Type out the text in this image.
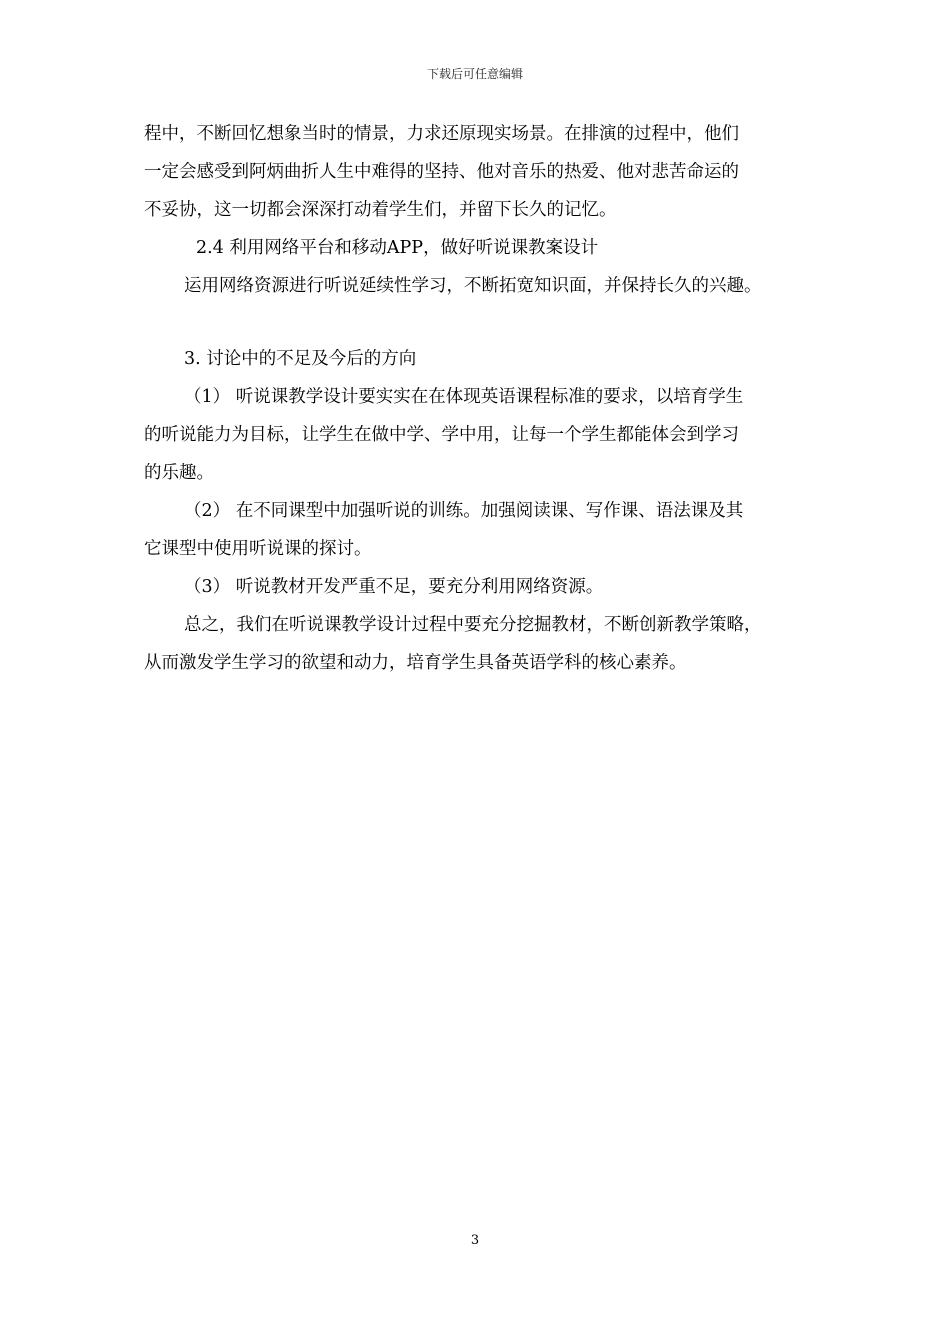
下载后可任意编辑
程中，不断回忆想象当时的情景，力求还原现实场景。在排演的过程中，他们
一定会感受到阿炳曲折人生中难得的坚持、他对音乐的热爱、他对悲苦命运的
不妥协，这一切都会深深打动着学生们，并留下长久的记忆。
2.4 利用网络平台和移动APP，做好听说课教案设计
运用网络资源进行听说延续性学习，不断拓宽知识面，并保持长久的兴趣。
3. 讨论中的不足及今后的方向
（1） 听说课教学设计要实实在在体现英语课程标准的要求，以培育学生
的听说能力为目标，让学生在做中学、学中用，让每一个学生都能体会到学习
的乐趣。
（2） 在不同课型中加强听说的训练。加强阅读课、写作课、语法课及其
它课型中使用听说课的探讨。
（3） 听说教材开发严重不足，要充分利用网络资源。
总之，我们在听说课教学设计过程中要充分挖掘教材，不断创新教学策略，
从而激发学生学习的欲望和动力，培育学生具备英语学科的核心素养。
3
